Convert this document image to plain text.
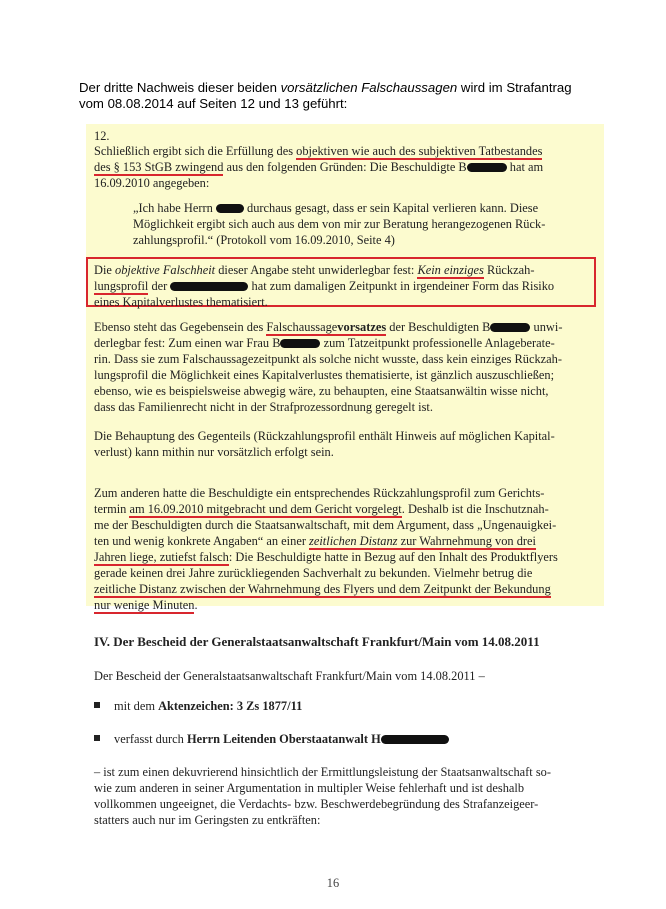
Der dritte Nachweis dieser beiden vorsätzlichen Falschaussagen wird im Strafantrag
vom 08.08.2014 auf Seiten 12 und 13 geführt:
12.
Schließlich ergibt sich die Erfüllung des objektiven wie auch des subjektiven Tatbestandes
des § 153 StGB zwingend aus den folgenden Gründen: Die Beschuldigte B	hat am
16.09.2010 angegeben:
„Ich habe Herrn  durchaus gesagt, dass er sein Kapital verlieren kann. Diese
Möglichkeit ergibt sich auch aus dem von mir zur Beratung herangezogenen Rück-
zahlungsprofil.“ (Protokoll vom 16.09.2010, Seite 4)
Die objektive Falschheit dieser Angabe steht unwiderlegbar fest: Kein einziges Rückzah-
lungsprofil der	hat zum damaligen Zeitpunkt in irgendeiner Form das Risiko
eines Kapitalverlustes thematisiert.
Ebenso steht das Gegebensein des Falschaussagevorsatzes der Beschuldigten B	unwi-
derlegbar fest: Zum einen war Frau B	zum Tatzeitpunkt professionelle Anlageberate-
rin. Dass sie zum Falschaussagezeitpunkt als solche nicht wusste, dass kein einziges Rückzah-
lungsprofil die Möglichkeit eines Kapitalverlustes thematisierte, ist gänzlich auszuschließen;
ebenso, wie es beispielsweise abwegig wäre, zu behaupten, eine Staatsanwältin wisse nicht,
dass das Familienrecht nicht in der Strafprozessordnung geregelt ist.
Die Behauptung des Gegenteils (Rückzahlungsprofil enthält Hinweis auf möglichen Kapital-
verlust) kann mithin nur vorsätzlich erfolgt sein.
Zum anderen hatte die Beschuldigte ein entsprechendes Rückzahlungsprofil zum Gerichts-
termin am 16.09.2010 mitgebracht und dem Gericht vorgelegt. Deshalb ist die Inschutznah-
me der Beschuldigten durch die Staatsanwaltschaft, mit dem Argument, dass „Ungenauigkei-
ten und wenig konkrete Angaben“ an einer zeitlichen Distanz zur Wahrnehmung von drei
Jahren liege, zutiefst falsch: Die Beschuldigte hatte in Bezug auf den Inhalt des Produktflyers
gerade keinen drei Jahre zurückliegenden Sachverhalt zu bekunden. Vielmehr betrug die
zeitliche Distanz zwischen der Wahrnehmung des Flyers und dem Zeitpunkt der Bekundung
nur wenige Minuten.
IV. Der Bescheid der Generalstaatsanwaltschaft Frankfurt/Main vom 14.08.2011
Der Bescheid der Generalstaatsanwaltschaft Frankfurt/Main vom 14.08.2011 –
mit dem Aktenzeichen: 3 Zs 1877/11
verfasst durch Herrn Leitenden Oberstaatanwalt H
– ist zum einen dekuvrierend hinsichtlich der Ermittlungsleistung der Staatsanwaltschaft so-
wie zum anderen in seiner Argumentation in multipler Weise fehlerhaft und ist deshalb
vollkommen ungeeignet, die Verdachts- bzw. Beschwerdebegründung des Strafanzeigeer-
statters auch nur im Geringsten zu entkräften:
16
